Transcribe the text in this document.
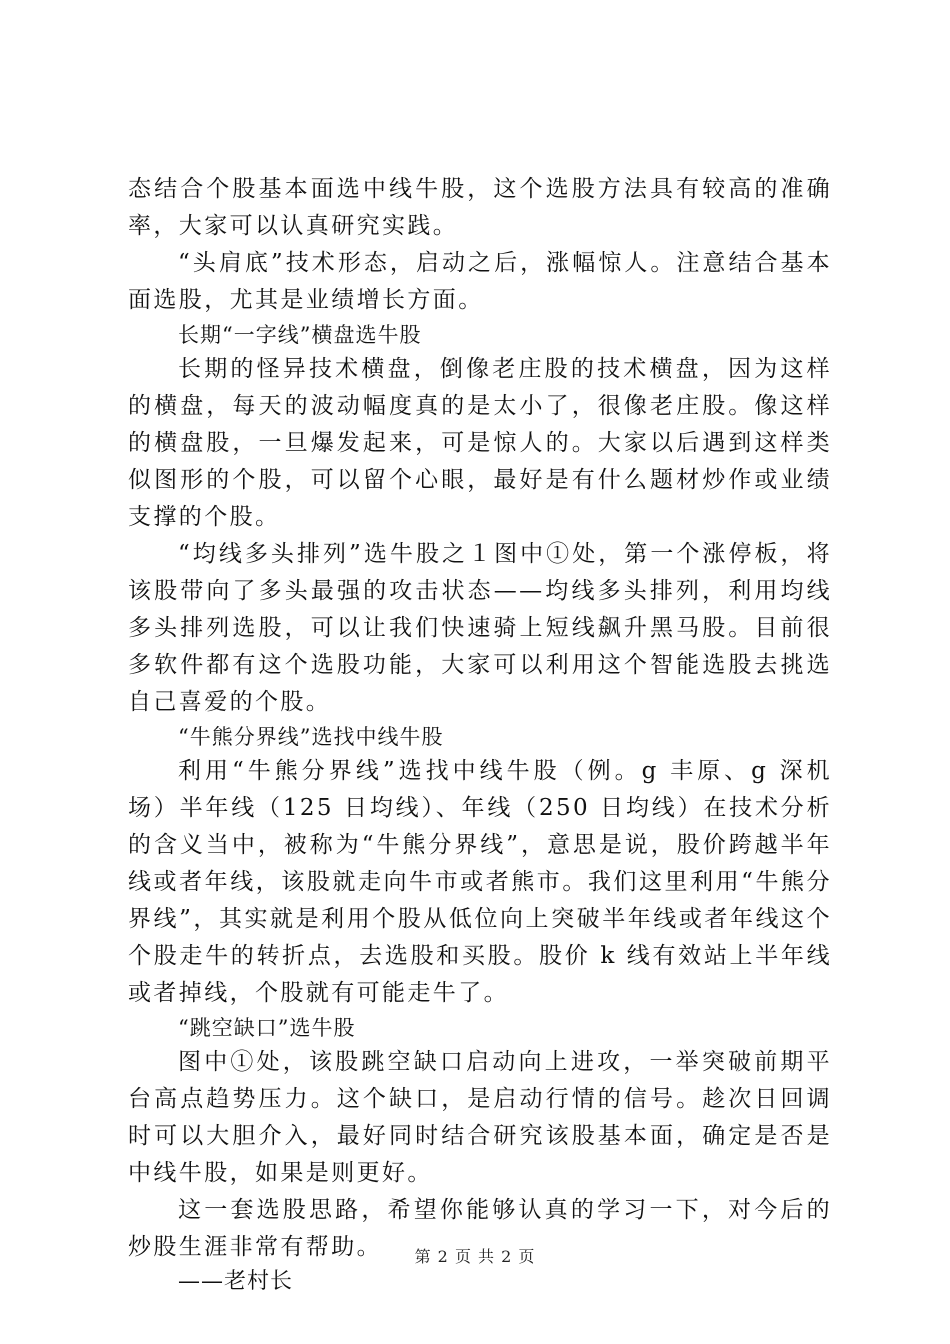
态结合个股基本面选中线牛股，这个选股方法具有较高的准确率，大家可以认真研究实践。

“头肩底”技术形态，启动之后，涨幅惊人。注意结合基本面选股，尤其是业绩增长方面。

长期“一字线”横盘选牛股

长期的怪异技术横盘，倒像老庄股的技术横盘，因为这样的横盘，每天的波动幅度真的是太小了，很像老庄股。像这样的横盘股，一旦爆发起来，可是惊人的。大家以后遇到这样类似图形的个股，可以留个心眼，最好是有什么题材炒作或业绩支撑的个股。

“均线多头排列”选牛股之１图中①处，第一个涨停板，将该股带向了多头最强的攻击状态——均线多头排列，利用均线多头排列选股，可以让我们快速骑上短线飙升黑马股。目前很多软件都有这个选股功能，大家可以利用这个智能选股去挑选自己喜爱的个股。

“牛熊分界线”选找中线牛股

利用“牛熊分界线”选找中线牛股（例。g 丰原、g 深机场）半年线（125 日均线）、年线（250 日均线）在技术分析的含义当中，被称为“牛熊分界线”，意思是说，股价跨越半年线或者年线，该股就走向牛市或者熊市。我们这里利用“牛熊分界线”，其实就是利用个股从低位向上突破半年线或者年线这个个股走牛的转折点，去选股和买股。股价 k 线有效站上半年线或者掉线，个股就有可能走牛了。

“跳空缺口”选牛股

图中①处，该股跳空缺口启动向上进攻，一举突破前期平台高点趋势压力。这个缺口，是启动行情的信号。趁次日回调时可以大胆介入，最好同时结合研究该股基本面，确定是否是中线牛股，如果是则更好。

这一套选股思路，希望你能够认真的学习一下，对今后的炒股生涯非常有帮助。

——老村长

第 2 页 共 2 页
